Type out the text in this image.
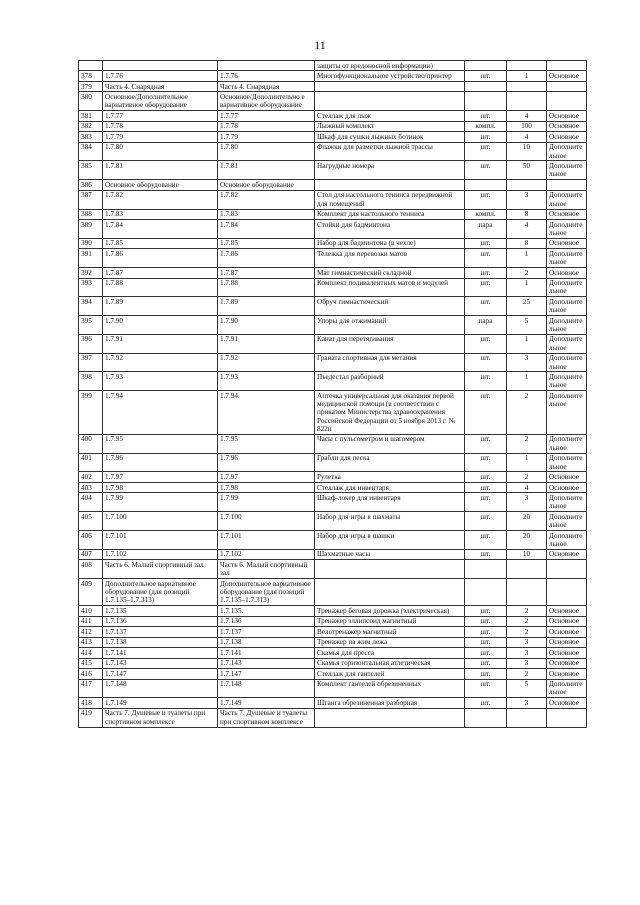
11
			защиты от вредоносной информации)			
378	1.7.76	1.7.76	Многофункциональное устройство/принтер	шт.	1	Основное
379	Часть 4. Снарядная	Часть 4. Снарядная				
380	Основное/Дополнительное вариативное оборудование	Основное/Дополнительно е вариативное оборудование				
381	1.7.77	1.7.77	Стеллаж для лыж	шт.	4	Основное
382	1.7.78	1.7.78	Лыжный комплект	компл.	100	Основное
383	1.7.79	1.7.79	Шкаф для сушки лыжных ботинок	шт.	4	Основное
384	1.7.80	1.7.80	Флажки для разметки лыжной трассы	шт.	10	Дополнительное
385	1.7.81	1.7.81	Нагрудные номера	шт.	50	Дополнительное
386	Основное оборудование	Основное оборудование				
387	1.7.82	1.7.82	Стол для настольного тенниса передвижной для помещений	шт.	3	Дополнительное
388	1.7.83	1.7.83	Комплект для настольного тенниса	компл.	8	Основное
389	1.7.84	1.7.84	Стойки для бадминтона	пара	4	Дополнительное
390	1.7.85	1.7.85	Набор для бадминтона (в чехле)	шт.	8	Основное
391	1.7.86	1.7.86	Тележка для перевозки матов	шт.	1	Дополнительное
392	1.7.87	1.7.87	Мат гимнастический складной	шт.	2	Основное
393	1.7.88	1.7.88	Комплект поливалентных матов и модулей	шт.	1	Дополнительное
394	1.7.89	1.7.89	Обруч гимнастический	шт.	25	Дополнительное
395	1.7.90	1.7.90	Упоры для отжиманий	пара	5	Дополнительное
396	1.7.91	1.7.91	Канат для перетягивания	шт.	1	Дополнительное
397	1.7.92	1.7.92	Граната спортивная для метания	шт.	3	Дополнительное
398	1.7.93	1.7.93	Пьедестал разборный	шт.	1	Дополнительное
399	1.7.94	1.7.94.	Аптечка универсальная для оказания первой медицинской помощи (в соответствии с приказом Министерства здравоохранения Российской Федерации от 5 ноября 2013 г. № 822н	шт.	2	Дополнительное
400	1.7.95	1.7.95	Часы с пульсометром и шагомером	шт.	2	Дополнительное
401	1.7.96	1.7.96	Грабли для песка	шт.	1	Дополнительное
402	1.7.97	1.7.97	Рулетка	шт.	2	Основное
403	1.7.98	1.7.98	Стеллаж для инвентаря	шт.	4	Основное
404	1.7.99	1.7.99	Шкаф-локер для инвентаря	шт.	3	Дополнительное
405	1.7.100	1.7.100	Набор для игры в шахматы	шт.	20	Дополнительное
406	1.7.101	1.7.101	Набор для игры в шашки	шт.	20	Дополнительное
407	1.7.102	1.7.102	Шахматные часы	шт.	10	Основное
408	Часть 6. Малый спортивный зал	Часть 6. Малый спортивный зал				
409	Дополнительное вариативное оборудование (для позиций 1.7.135–1.7.313)	Дополнительное вариативное оборудование (для позиций 1.7.135–1.7.313)				
410	1.7.135	1.7.135.	Тренажер беговая дорожка (электрическая)	шт.	2	Основное
411	1.7.136	1.7.136	Тренажер эллипсоид магнитный	шт.	2	Основное
412	1.7.137	1.7.137	Велотренажер магнитный	шт.	2	Основное
413	1.7.138	1.7.138	Тренажер на жим лежа	шт.	3	Основное
414	1.7.141	1.7.141	Скамья для пресса	шт.	3	Основное
415	1.7.143	1.7.143	Скамья горизонтальная атлетическая	шт.	3	Основное
416	1.7.147	1.7.147	Стеллаж для гантелей	шт.	2	Основное
417	1.7.148	1.7.148	Комплект гантелей обрезиненных	шт.	5	Дополнительное
418	1.7.149	1.7.149	Штанга обрезиненная разборная	шт.	3	Основное
419	Часть 7. Душевые и туалеты при спортивном комплексе	Часть 7. Душевые и туалеты при спортивном комплексе				
